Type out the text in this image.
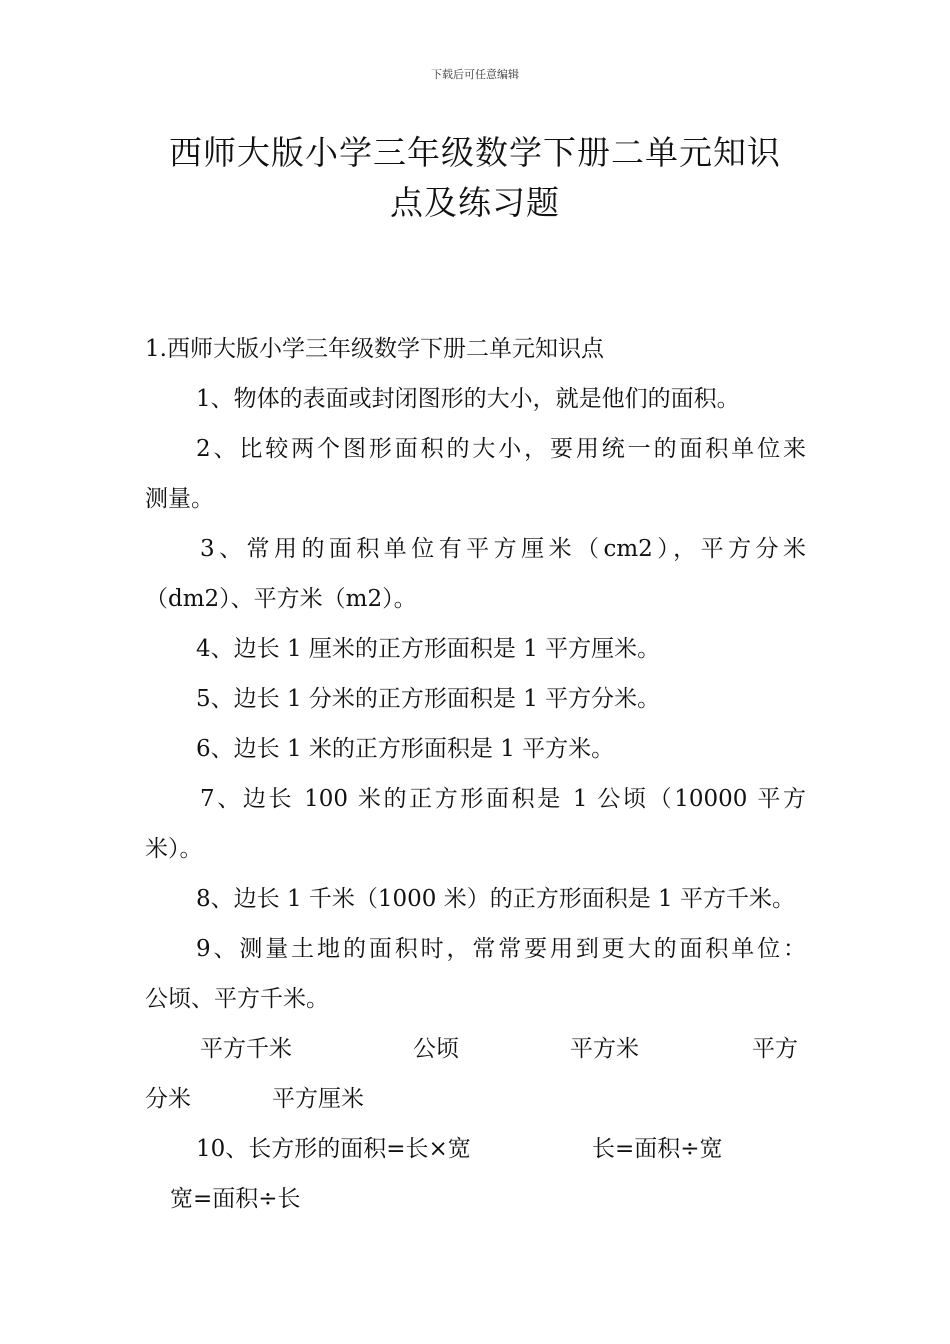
下载后可任意编辑
西师大版小学三年级数学下册二单元知识
点及练习题
1.西师大版小学三年级数学下册二单元知识点
1、物体的表面或封闭图形的大小，就是他们的面积。
2、比较两个图形面积的大小，要用统一的面积单位来
测量。
3、常用的面积单位有平方厘米（cm2），平方分米
（dm2）、平方米（m2）。
4、边长 1 厘米的正方形面积是 1 平方厘米。
5、边长 1 分米的正方形面积是 1 平方分米。
6、边长 1 米的正方形面积是 1 平方米。
7、边长 100 米的正方形面积是 1 公顷（10000 平方
米）。
8、边长 1 千米（1000 米）的正方形面积是 1 平方千米。
9、测量土地的面积时，常常要用到更大的面积单位：
公顷、平方千米。
平方千米	公顷	平方米	平方
分米	平方厘米
10、长方形的面积=长×宽	长=面积÷宽
宽=面积÷长
